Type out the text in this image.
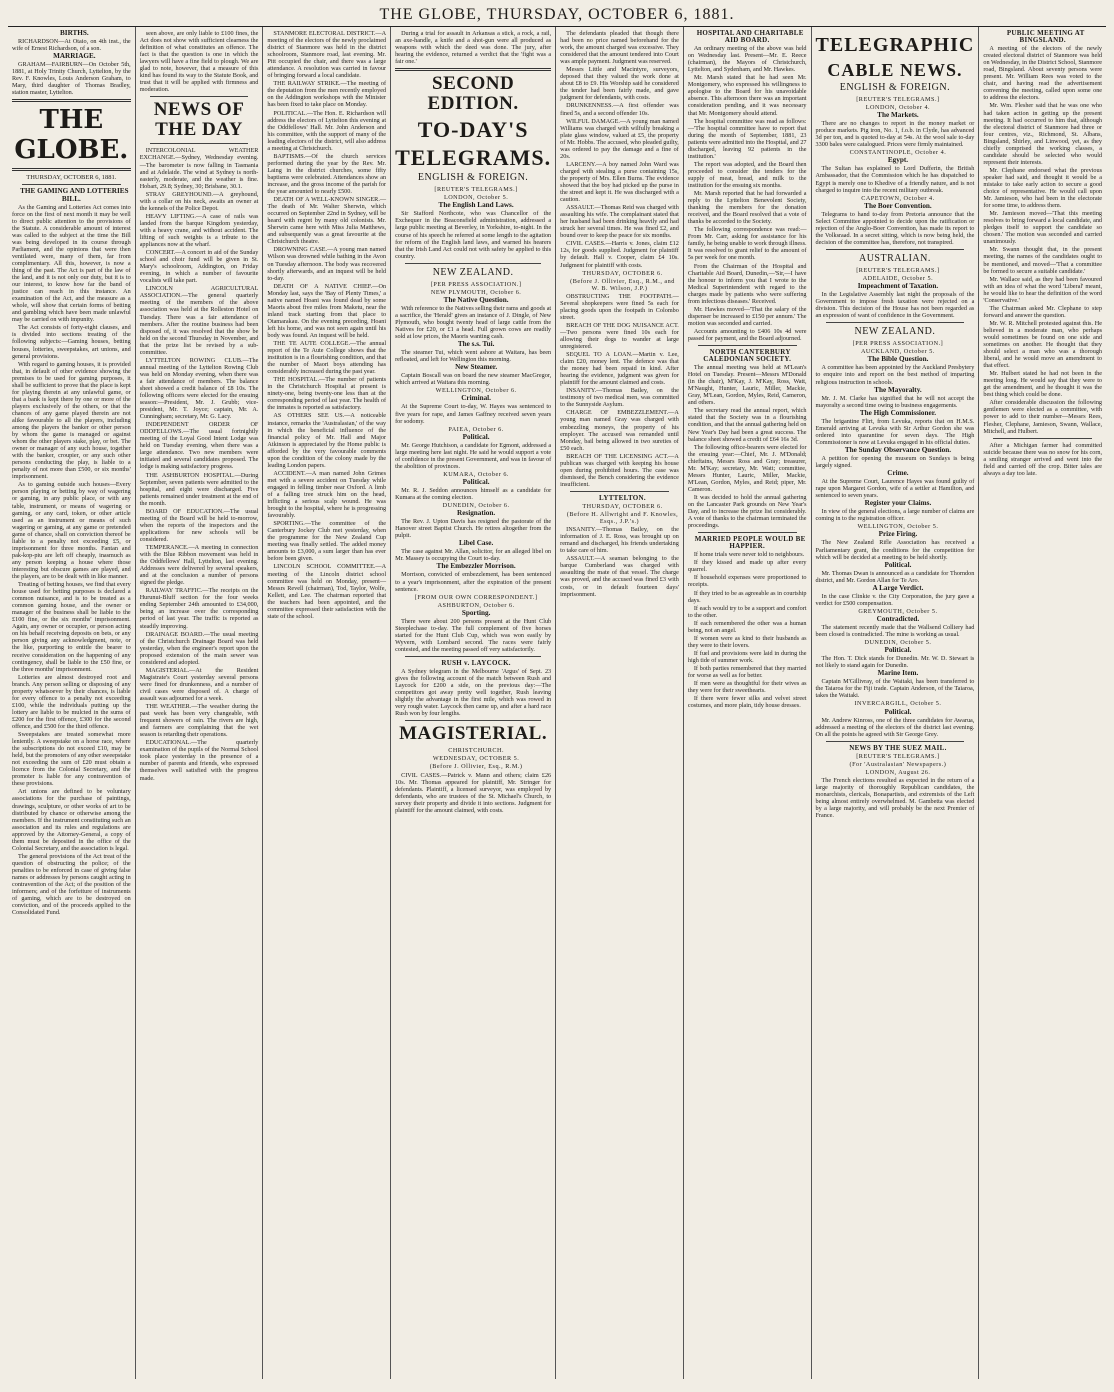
THE GLOBE, THURSDAY, OCTOBER 6, 1881.

BIRTHS.

RICHARDSON—At Otaio, on 4th inst., the wife of Ernest Richardson, of a son.

MARRIAGE.

GRAHAM—FAIRBURN—On October 5th, 1881, at Holy Trinity Church, Lyttelton, by the Rev. F. Knowles, Louis Anderson Graham, to Mary, third daughter of Thomas Bradley, station master, Lyttelton.

THE GLOBE.
THURSDAY, OCTOBER 6, 1881.

THE GAMING AND LOTTERIES BILL.

As the Gaming and Lotteries Act comes into force on the first of next month it may be well to direct public attention to the provisions of the Statute. A considerable amount of interest was called to the subject at the time the Bill was being developed in its course through Parliament, and the opinions that were then ventilated were, many of them, far from complimentary. All this, however, is now a thing of the past. The Act is part of the law of the land, and it is not only our duty, but it is to our interest, to know how far the band of justice can reach in this instance. An examination of the Act, and the measure as a whole, will show that certain forms of betting and gambling which have been made unlawful may be carried on with impunity.

The Act consists of forty-eight clauses, and is divided into sections treating of the following subjects:—Gaming houses, betting houses, lotteries, sweepstakes, art unions, and general provisions.

With regard to gaming houses, it is provided that, in default of other evidence showing the premises to be used for gaming purposes, it shall be sufficient to prove that the place is kept for playing therein at any unlawful game, or that a bank is kept there by one or more of the players exclusively of the others, or that the chances of any game played therein are not alike favourable to all the players, including among the players the banker or other person by whom the game is managed or against whom the other players stake, play, or bet. The owner or manager of any such house, together with the banker, croupier, or any such other persons conducting the play, is liable to a penalty of not more than £500, or six months' imprisonment.

As to gaming outside such houses—Every person playing or betting by way of wagering or gaming, in any public place, or with any table, instrument, or means of wagering or gaming, or any card, token, or other article used as an instrument or means of such wagering or gaming, at any game or pretended game of chance, shall on conviction thereof be liable to a penalty not exceeding £5, or imprisonment for three months. Fantan and pak-kop-piu are left off cheaply, inasmuch as any person keeping a house where those interesting but obscure games are played, and the players, are to be dealt with in like manner.

Treating of betting houses, we find that every house used for betting purposes is declared a common nuisance, and is to be treated as a common gaming house, and the owner or manager of the business shall be liable to the £100 fine, or the six months' imprisonment. Again, any owner or occupier, or person acting on his behalf receiving deposits on bets, or any person giving any acknowledgment, note, or the like, purporting to entitle the bearer to receive consideration on the happening of any contingency, shall be liable to the £50 fine, or the three months' imprisonment.

Lotteries are almost destroyed root and branch. Any person selling or disposing of any property whatsoever by their chances, is liable for every offence to a penalty not exceeding £100, while the individuals putting up the lottery are liable to be mulcted in the sums of £200 for the first offence, £300 for the second offence, and £500 for the third offence.

Sweepstakes are treated somewhat more leniently. A sweepstake on a horse race, where the subscriptions do not exceed £10, may be held, but the promoters of any other sweepstake not exceeding the sum of £20 must obtain a licence from the Colonial Secretary, and the promoter is liable for any contravention of these provisions.

Art unions are defined to be voluntary associations for the purchase of paintings, drawings, sculpture, or other works of art to be distributed by chance or otherwise among the members. If the instrument constituting such an association and its rules and regulations are approved by the Attorney-General, a copy of them must be deposited in the office of the Colonial Secretary, and the association is legal.

The general provisions of the Act treat of the question of obstructing the police; of the penalties to be enforced in case of giving false names or addresses by persons caught acting in contravention of the Act; of the position of the informers; and of the forfeiture of instruments of gaming, which are to be destroyed on conviction, and of the proceeds applied to the Consolidated Fund.

seen above, are only liable to £100 fines, the Act does not show with sufficient clearness the definition of what constitutes an offence. The fact is that the question is one in which the lawyers will have a fine field to plough. We are glad to note, however, that a measure of this kind has found its way to the Statute Book, and trust that it will be applied with firmness and moderation.

NEWS OF THE DAY

INTERCOLONIAL WEATHER EXCHANGE.—Sydney, Wednesday evening.—The barometer is now falling in Tasmania and at Adelaide. The wind at Sydney is north-easterly, moderate, and the weather is fine. Hobart, 29.8; Sydney, 30; Brisbane, 30.1.

STRAY GREYHOUND.—A greyhound, with a collar on his neck, awaits an owner at the kennels of the Police Depot.

HEAVY LIFTING.—A case of rails was landed from the barque Kingdom yesterday, with a heavy crane, and without accident. The lifting of such weights is a tribute to the appliances now at the wharf.

CONCERT.—A concert in aid of the Sunday school and choir fund will be given in St. Mary's schoolroom, Addington, on Friday evening, in which a number of favourite vocalists will take part.

LINCOLN AGRICULTURAL ASSOCIATION.—The general quarterly meeting of the members of the above association was held at the Rolleston Hotel on Tuesday. There was a fair attendance of members. After the routine business had been disposed of, it was resolved that the show be held on the second Thursday in November, and that the prize list be revised by a sub-committee.

LYTTELTON ROWING CLUB.—The annual meeting of the Lyttelton Rowing Club was held on Monday evening, when there was a fair attendance of members. The balance sheet showed a credit balance of £8 10s. The following officers were elected for the ensuing season:—President, Mr. J. Grubb; vice-president, Mr. T. Joyce; captain, Mr. A. Cunningham; secretary, Mr. G. Lacy.

INDEPENDENT ORDER OF ODDFELLOWS.—The usual fortnightly meeting of the Loyal Good Intent Lodge was held on Tuesday evening, when there was a large attendance. Two new members were initiated and several candidates proposed. The lodge is making satisfactory progress.

THE ASHBURTON HOSPITAL.—During September, seven patients were admitted to the hospital, and eight were discharged. Five patients remained under treatment at the end of the month.

BOARD OF EDUCATION.—The usual meeting of the Board will be held to-morrow, when the reports of the inspectors and the applications for new schools will be considered.

TEMPERANCE.—A meeting in connection with the Blue Ribbon movement was held in the Oddfellows' Hall, Lyttelton, last evening. Addresses were delivered by several speakers, and at the conclusion a number of persons signed the pledge.

RAILWAY TRAFFIC.—The receipts on the Hurunui-Bluff section for the four weeks ending September 24th amounted to £34,000, being an increase over the corresponding period of last year. The traffic is reported as steadily improving.

DRAINAGE BOARD.—The usual meeting of the Christchurch Drainage Board was held yesterday, when the engineer's report upon the proposed extension of the main sewer was considered and adopted.

MAGISTERIAL.—At the Resident Magistrate's Court yesterday several persons were fined for drunkenness, and a number of civil cases were disposed of. A charge of assault was adjourned for a week.

THE WEATHER.—The weather during the past week has been very changeable, with frequent showers of rain. The rivers are high, and farmers are complaining that the wet season is retarding their operations.

EDUCATIONAL.—The quarterly examination of the pupils of the Normal School took place yesterday in the presence of a number of parents and friends, who expressed themselves well satisfied with the progress made.

STANMORE ELECTORAL DISTRICT.—A meeting of the electors of the newly proclaimed district of Stanmore was held in the district schoolroom, Stanmore road, last evening. Mr. Pitt occupied the chair, and there was a large attendance. A resolution was carried in favour of bringing forward a local candidate.

THE RAILWAY STRIKE.—The meeting of the deputation from the men recently employed on the Addington workshops with the Minister has been fixed to take place on Monday.

POLITICAL.—The Hon. E. Richardson will address the electors of Lyttelton this evening at the Oddfellows' Hall. Mr. John Anderson and his committee, with the support of many of the leading electors of the district, will also address a meeting at Christchurch.

BAPTISMS.—Of the church services performed during the year by the Rev. Mr. Laing in the district churches, some fifty baptisms were celebrated. Attendances show an increase, and the gross income of the parish for the year amounted to nearly £500.

DEATH OF A WELL-KNOWN SINGER.—The death of Mr. Walter Sherwin, which occurred on September 22nd in Sydney, will be heard with regret by many old colonists. Mr. Sherwin came here with Miss Julia Matthews, and subsequently was a great favourite at the Christchurch theatre.

DROWNING CASE.—A young man named Wilson was drowned while bathing in the Avon on Tuesday afternoon. The body was recovered shortly afterwards, and an inquest will be held to-day.

DEATH OF A NATIVE CHIEF.—On Monday last, says the 'Bay of Plenty Times,' a native named Hoani was found dead by some Maoris about five miles from Maketu, near the inland track starting from that place to Otamarakau. On the evening preceding, Hoani left his home, and was not seen again until his body was found. An inquest will be held.

THE TE AUTE COLLEGE.—The annual report of the Te Aute College shows that the institution is in a flourishing condition, and that the number of Maori boys attending has considerably increased during the past year.

THE HOSPITAL.—The number of patients in the Christchurch Hospital at present is ninety-one, being twenty-one less than at the corresponding period of last year. The health of the inmates is reported as satisfactory.

AS OTHERS SEE US.—A noticeable instance, remarks the 'Australasian,' of the way in which the beneficial influence of the financial policy of Mr. Hall and Major Atkinson is appreciated by the Home public is afforded by the very favourable comments upon the condition of the colony made by the leading London papers.

ACCIDENT.—A man named John Grimes met with a severe accident on Tuesday while engaged in felling timber near Oxford. A limb of a falling tree struck him on the head, inflicting a serious scalp wound. He was brought to the hospital, where he is progressing favourably.

SPORTING.—The committee of the Canterbury Jockey Club met yesterday, when the programme for the New Zealand Cup meeting was finally settled. The added money amounts to £3,000, a sum larger than has ever before been given.

LINCOLN SCHOOL COMMITTEE.—A meeting of the Lincoln district school committee was held on Monday, present—Messrs Revell (chairman), Tod, Taylor, Wolfe, Kellett, and Lee. The chairman reported that the teachers had been appointed, and the committee expressed their satisfaction with the state of the school.

During a trial for assault in Arkansas a stick, a rock, a rail, an axe-handle, a knife and a shot-gun were all produced as weapons with which the deed was done. The jury, after hearing the evidence, returned a verdict that the 'fight was a fair one.'

SECOND EDITION.
TO-DAY'S
TELEGRAMS.
ENGLISH & FOREIGN.

[REUTER'S TELEGRAMS.]

LONDON, October 5.

The English Land Laws.

Sir Stafford Northcote, who was Chancellor of the Exchequer in the Beaconsfield administration, addressed a large public meeting at Beverley, in Yorkshire, to-night. In the course of his speech he referred at some length to the agitation for reform of the English land laws, and warned his hearers that the Irish Land Act could not with safety be applied to this country.

NEW ZEALAND.

[PER PRESS ASSOCIATION.]

NEW PLYMOUTH, October 6.

The Native Question.

With reference to the Natives selling their rams and goods at a sacrifice, the 'Herald' gives an instance of J. Dingle, of New Plymouth, who bought twenty head of large cattle from the Natives for £20, or £1 a head. Full grown cows are readily sold at low prices, the Maoris wanting cash.

The s.s. Tui.

The steamer Tui, which went ashore at Waitara, has been refloated, and left for Wellington this morning.

New Steamer.

Captain Boscall was on board the new steamer MacGregor, which arrived at Waitara this morning.

WELLINGTON, October 6.

Criminal.

At the Supreme Court to-day, W. Hayes was sentenced to five years for rape, and James Gaffney received seven years for sodomy.

PAIEA, October 6.

Political.

Mr. George Hutchison, a candidate for Egmont, addressed a large meeting here last night. He said he would support a vote of confidence in the present Government, and was in favour of the abolition of provinces.

KUMARA, October 6.

Political.

Mr. R. J. Seddon announces himself as a candidate for Kumara at the coming election.

DUNEDIN, October 6.

Resignation.

The Rev. J. Upton Davis has resigned the pastorate of the Hanover street Baptist Church. He retires altogether from the pulpit.

Libel Case.

The case against Mr. Allan, solicitor, for an alleged libel on Mr. Massey is occupying the Court to-day.

The Embezzler Morrison.

Morrison, convicted of embezzlement, has been sentenced to a year's imprisonment, after the expiration of the present sentence.

[FROM OUR OWN CORRESPONDENT.]

ASHBURTON, October 6.

Sporting.

There were about 200 persons present at the Hunt Club Steeplechase to-day. The full complement of five horses started for the Hunt Club Cup, which was won easily by Wyvern, with Lombard second. The races were fairly contested, and the meeting passed off very satisfactorily.

RUSH v. LAYCOCK.

A Sydney telegram in the Melbourne 'Argus' of Sept. 23 gives the following account of the match between Rush and Laycock for £200 a side, on the previous day:—The competitors got away pretty well together, Rush leaving slightly the advantage in the first mile, which was rowed in very rough water. Laycock then came up, and after a hard race Rush won by four lengths.

MAGISTERIAL.

CHRISTCHURCH.

WEDNESDAY, OCTOBER 5.

(Before J. Ollivier, Esq., R.M.)

CIVIL CASES.—Patrick v. Mann and others; claim £26 10s. Mr. Thomas appeared for plaintiff, Mr. Stringer for defendants. Plaintiff, a licensed surveyor, was employed by defendants, who are trustees of the St. Michael's Church, to survey their property and divide it into sections. Judgment for plaintiff for the amount claimed, with costs.

The defendants pleaded that though there had been no price named beforehand for the work, the amount charged was excessive. They considered that the amount tendered into Court was ample payment. Judgment was reserved.

Messrs Little and Macintyre, surveyors, deposed that they valued the work done at about £8 to £9. His Worship said he considered the tender had been fairly made, and gave judgment for defendants, with costs.

DRUNKENNESS.—A first offender was fined 5s, and a second offender 10s.

WILFUL DAMAGE.—A young man named Williams was charged with wilfully breaking a plate glass window, valued at £5, the property of Mr. Hobbs. The accused, who pleaded guilty, was ordered to pay the damage and a fine of 20s.

LARCENY.—A boy named John Ward was charged with stealing a purse containing 15s, the property of Mrs. Ellen Burns. The evidence showed that the boy had picked up the purse in the street and kept it. He was discharged with a caution.

ASSAULT.—Thomas Reid was charged with assaulting his wife. The complainant stated that her husband had been drinking heavily and had struck her several times. He was fined £2, and bound over to keep the peace for six months.

CIVIL CASES.—Harris v. Jones, claim £12 12s, for goods supplied. Judgment for plaintiff by default. Hall v. Cooper, claim £4 10s. Judgment for plaintiff with costs.

THURSDAY, OCTOBER 6.

(Before J. Ollivier, Esq., R.M., and W. B. Wilson, J.P.)

OBSTRUCTING THE FOOTPATH.—Several shopkeepers were fined 5s each for placing goods upon the footpath in Colombo street.

BREACH OF THE DOG NUISANCE ACT.—Two persons were fined 10s each for allowing their dogs to wander at large unregistered.

SEQUEL TO A LOAN.—Martin v. Lee, claim £20, money lent. The defence was that the money had been repaid in kind. After hearing the evidence, judgment was given for plaintiff for the amount claimed and costs.

INSANITY.—Thomas Bailey, on the testimony of two medical men, was committed to the Sunnyside Asylum.

CHARGE OF EMBEZZLEMENT.—A young man named Gray was charged with embezzling moneys, the property of his employer. The accused was remanded until Monday, bail being allowed in two sureties of £50 each.

BREACH OF THE LICENSING ACT.—A publican was charged with keeping his house open during prohibited hours. The case was dismissed, the Bench considering the evidence insufficient.

LYTTELTON.

THURSDAY, OCTOBER 6.

(Before H. Allwright and F. Knowles, Esqs., J.P.'s.)

INSANITY.—Thomas Bailey, on the information of J. E. Ross, was brought up on remand and discharged, his friends undertaking to take care of him.

ASSAULT.—A seaman belonging to the barque Cumberland was charged with assaulting the mate of that vessel. The charge was proved, and the accused was fined £3 with costs, or in default fourteen days' imprisonment.

HOSPITAL AND CHARITABLE AID BOARD.

An ordinary meeting of the above was held on Wednesday last. Present—Mr. E. Reece (chairman), the Mayors of Christchurch, Lyttelton, and Sydenham, and Mr. Hawkes.

Mr. Marsh stated that he had seen Mr. Montgomery, who expressed his willingness to apologise to the Board for his unavoidable absence. This afternoon there was an important consideration pending, and it was necessary that Mr. Montgomery should attend.

The hospital committee was read as follows:—'The hospital committee have to report that during the month of September, 1881, 23 patients were admitted into the Hospital, and 27 discharged, leaving 92 patients in the institution.'

The report was adopted, and the Board then proceeded to consider the tenders for the supply of meat, bread, and milk to the institution for the ensuing six months.

Mr. Marsh reported that he had forwarded a reply to the Lyttelton Benevolent Society, thanking the members for the donation received, and the Board resolved that a vote of thanks be accorded to the Society.

The following correspondence was read:—From Mr. Carr, asking for assistance for his family, he being unable to work through illness. It was resolved to grant relief to the amount of 5s per week for one month.

From the Chairman of the Hospital and Charitable Aid Board, Dunedin,—'Sir,—I have the honour to inform you that I wrote to the Medical Superintendent with regard to the charges made by patients who were suffering from infectious diseases.' Received.

Mr. Hawkes moved—'That the salary of the dispenser be increased to £150 per annum.' The motion was seconded and carried.

Accounts amounting to £406 10s 4d were passed for payment, and the Board adjourned.

NORTH CANTERBURY CALEDONIAN SOCIETY.

The annual meeting was held at M'Lean's Hotel on Tuesday. Present—Messrs M'Donald (in the chair), M'Kay, J. M'Kay, Ross, Watt, M'Naught, Hunter, Lauric, Miller, Mackie, Gray, M'Lean, Gordon, Myles, Reid, Cameron, and others.

The secretary read the annual report, which stated that the Society was in a flourishing condition, and that the annual gathering held on New Year's Day had been a great success. The balance sheet showed a credit of £64 16s 3d.

The following office-bearers were elected for the ensuing year:—Chief, Mr. J. M'Donald; chieftains, Messrs Ross and Gray; treasurer, Mr. M'Kay; secretary, Mr. Watt; committee, Messrs Hunter, Lauric, Miller, Mackie, M'Lean, Gordon, Myles, and Reid; piper, Mr. Cameron.

It was decided to hold the annual gathering on the Lancaster Park grounds on New Year's Day, and to increase the prize list considerably. A vote of thanks to the chairman terminated the proceedings.

MARRIED PEOPLE WOULD BE HAPPIER.

If home trials were never told to neighbours.

If they kissed and made up after every quarrel.

If household expenses were proportioned to receipts.

If they tried to be as agreeable as in courtship days.

If each would try to be a support and comfort to the other.

If each remembered the other was a human being, not an angel.

If women were as kind to their husbands as they were to their lovers.

If fuel and provisions were laid in during the high tide of summer work.

If both parties remembered that they married for worse as well as for better.

If men were as thoughtful for their wives as they were for their sweethearts.

If there were fewer silks and velvet street costumes, and more plain, tidy house dresses.

TELEGRAPHIC
CABLE NEWS.
ENGLISH & FOREIGN.

[REUTER'S TELEGRAMS.]

LONDON, October 4.

The Markets.

There are no changes to report in the money market or produce markets. Pig iron, No. 1, f.o.b. in Clyde, has advanced 3d per ton, and is quoted to-day at 54s. At the wool sale to-day 3300 bales were catalogued. Prices were firmly maintained.

CONSTANTINOPLE, October 4.

Egypt.

The Sultan has explained to Lord Dufferin, the British Ambassador, that the Commission which he has dispatched to Egypt is merely one to Khedive of a friendly nature, and is not charged to inquire into the recent military outbreak.

CAPETOWN, October 4.

The Boer Convention.

Telegrams to hand to-day from Pretoria announce that the Select Committee appointed to decide upon the ratification or rejection of the Anglo-Boer Convention, has made its report to the Volksraad. In a secret sitting, which is now being held, the decision of the committee has, therefore, not transpired.

AUSTRALIAN.

[REUTER'S TELEGRAMS.]

ADELAIDE, October 5.

Impeachment of Taxation.

In the Legislative Assembly last night the proposals of the Government to impose fresh taxation were rejected on a division. This decision of the House has not been regarded as an expression of want of confidence in the Government.

NEW ZEALAND.

[PER PRESS ASSOCIATION.]

AUCKLAND, October 5.

The Bible Question.

A committee has been appointed by the Auckland Presbytery to enquire into and report on the best method of imparting religious instruction in schools.

The Mayoralty.

Mr. J. M. Clarke has signified that he will not accept the mayoralty a second time owing to business engagements.

The High Commissioner.

The brigantine Flirt, from Levuka, reports that on H.M.S. Emerald arriving at Levuka with Sir Arthur Gordon she was ordered into quarantine for seven days. The High Commissioner is now at Levuka engaged in his official duties.

The Sunday Observance Question.

A petition for opening the museum on Sundays is being largely signed.

Crime.

At the Supreme Court, Laurence Hayes was found guilty of rape upon Margaret Gordon, wife of a settler at Hamilton, and sentenced to seven years.

Register your Claims.

In view of the general elections, a large number of claims are coming in to the registration officer.

WELLINGTON, October 5.

Prize Firing.

The New Zealand Rifle Association has received a Parliamentary grant, the conditions for the competition for which will be decided at a meeting to be held shortly.

Political.

Mr. Thomas Dwan is announced as a candidate for Thorndon district, and Mr. Gordon Allan for Te Aro.

A Large Verdict.

In the case Clinkie v. the City Corporation, the jury gave a verdict for £500 compensation.

GREYMOUTH, October 5.

Contradicted.

The statement recently made that the Wallsend Colliery had been closed is contradicted. The mine is working as usual.

DUNEDIN, October 5.

Political.

The Hon. T. Dick stands for Dunedin. Mr. W. D. Stewart is not likely to stand again for Dunedin.

Marine Item.

Captain M'Gillivray, of the Waitaki, has been transferred to the Taiaroa for the Fiji trade. Captain Anderson, of the Taiaroa, takes the Waitaki.

INVERCARGILL, October 5.

Political.

Mr. Andrew Kinross, one of the three candidates for Awarua, addressed a meeting of the electors of the district last evening. On all the points he agreed with Sir George Grey.

NEWS BY THE SUEZ MAIL.

[REUTER'S TELEGRAMS.]

(For 'Australasian' Newspapers.)

LONDON, August 26.

The French elections resulted as expected in the return of a large majority of thoroughly Republican candidates, the monarchists, clericals, Bonapartists, and extremists of the Left being almost entirely overwhelmed. M. Gambetta was elected by a large majority, and will probably be the next Premier of France.

PUBLIC MEETING AT BINGSLAND.

A meeting of the electors of the newly created electoral district of Stanmore was held on Wednesday, in the District School, Stanmore road, Bingsland. About seventy persons were present. Mr. William Rees was voted to the chair, and having read the advertisement convening the meeting, called upon some one to address the electors.

Mr. Wm. Flesher said that he was one who had taken action in getting up the present meeting. It had occurred to him that, although the electoral district of Stanmore had three or four centres, viz., Richmond, St. Albans, Bingsland, Shirley, and Linwood, yet, as they chiefly comprised the working classes, a candidate should be selected who would represent their interests.

Mr. Clephane endorsed what the previous speaker had said, and thought it would be a mistake to take early action to secure a good choice of representative. He would call upon Mr. Jamieson, who had been in the electorate for some time, to address them.

Mr. Jamieson moved—'That this meeting resolves to bring forward a local candidate, and pledges itself to support the candidate so chosen.' The motion was seconded and carried unanimously.

Mr. Swann thought that, in the present meeting, the names of the candidates ought to be mentioned, and moved—'That a committee be formed to secure a suitable candidate.'

Mr. Wallace said, as they had been favoured with an idea of what the word 'Liberal' meant, he would like to hear the definition of the word 'Conservative.'

The Chairman asked Mr. Clephane to step forward and answer the question.

Mr. W. R. Mitchell protested against this. He believed in a moderate man, who perhaps would sometimes be found on one side and sometimes on another. He thought that they should select a man who was a thorough liberal, and he would move an amendment to that effect.

Mr. Hulbert stated he had not been in the meeting long. He would say that they were to get the amendment, and he thought it was the best thing which could be done.

After considerable discussion the following gentlemen were elected as a committee, with power to add to their number—Messrs Rees, Flesher, Clephane, Jamieson, Swann, Wallace, Mitchell, and Hulbert.

After a Michigan farmer had committed suicide because there was no snow for his corn, a smiling stranger arrived and went into the field and carried off the crop. Bitter tales are always a day too late.
